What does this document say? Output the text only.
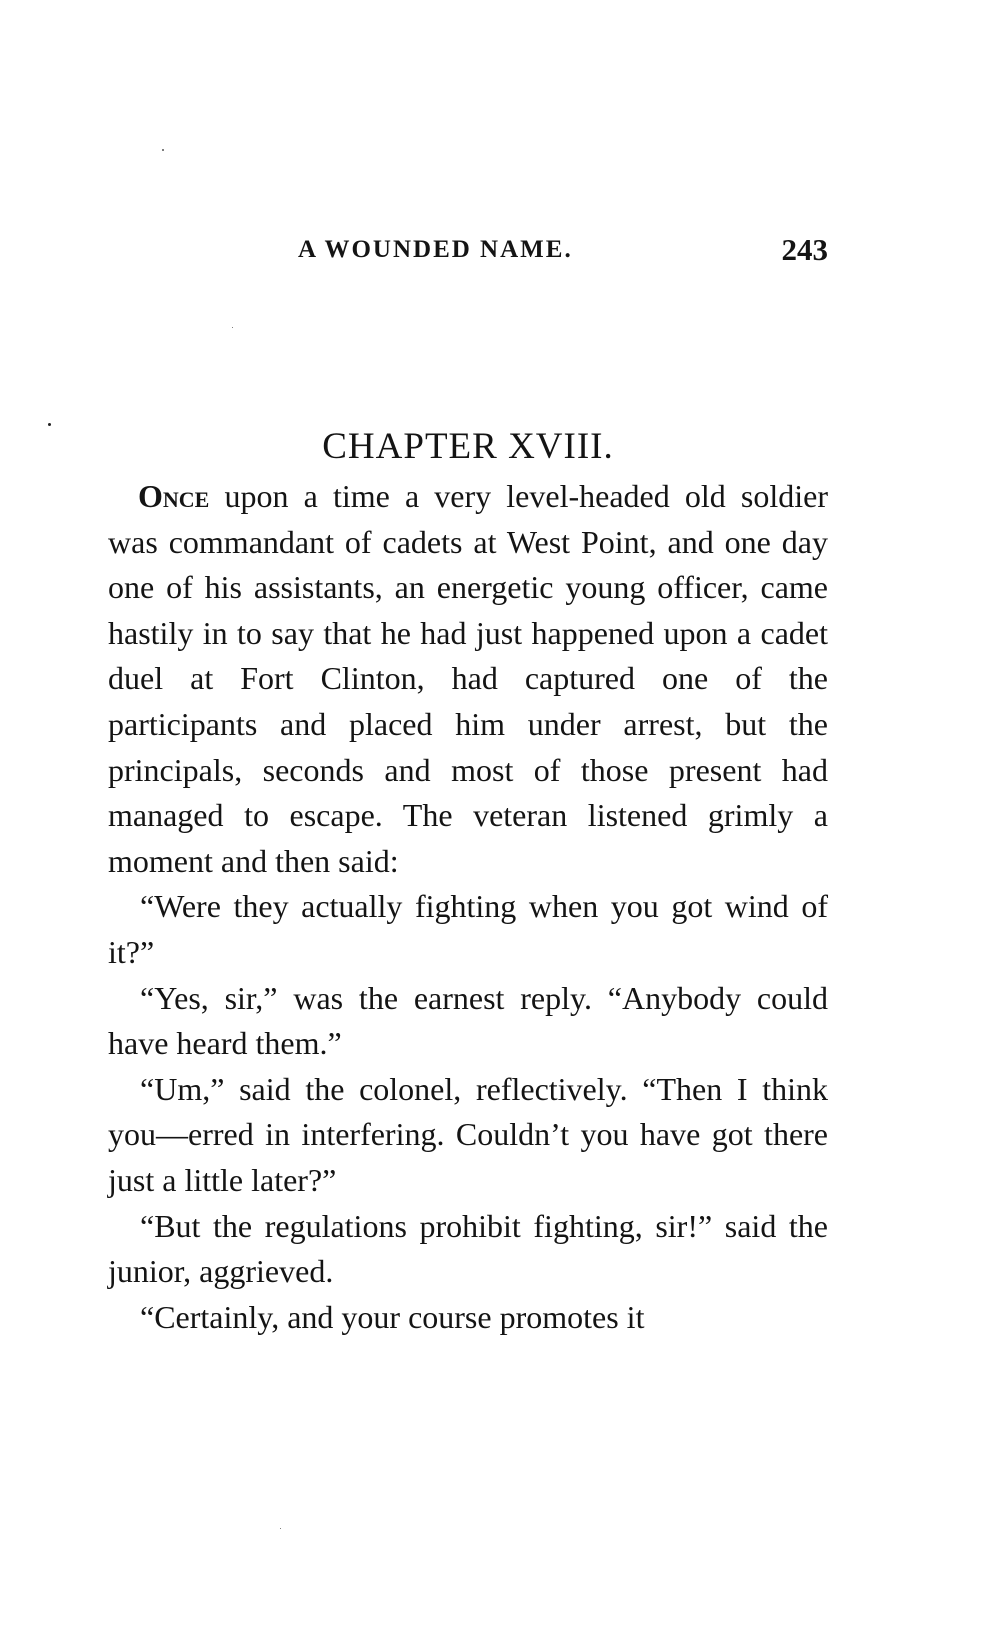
A WOUNDED NAME.	243
CHAPTER XVIII.

Once upon a time a very level-headed old soldier was commandant of cadets at West Point, and one day one of his assistants, an energetic young officer, came hastily in to say that he had just happened upon a cadet duel at Fort Clinton, had captured one of the participants and placed him under arrest, but the principals, seconds and most of those present had managed to escape. The veteran listened grimly a moment and then said:

“Were they actually fighting when you got wind of it?”

“Yes, sir,” was the earnest reply. “Anybody could have heard them.”

“Um,” said the colonel, reflectively. “Then I think you—erred in interfering. Couldn’t you have got there just a little later?”

“But the regulations prohibit fighting, sir!” said the junior, aggrieved.

“Certainly, and your course promotes it
